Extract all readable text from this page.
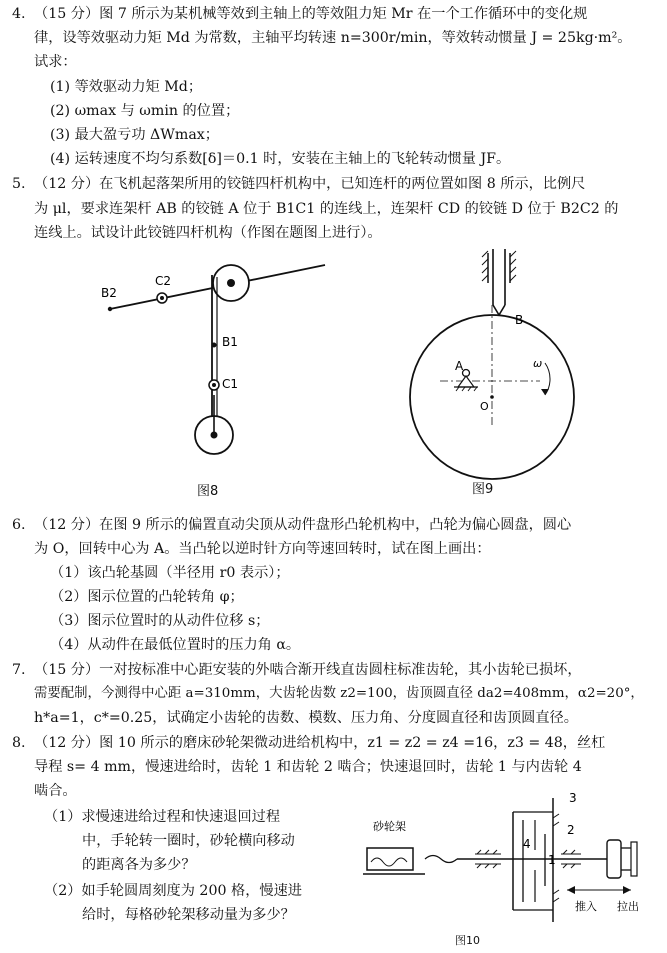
4. （15 分）图 7 所示为某机械等效到主轴上的等效阻力矩 Mr 在一个工作循环中的变化规
律，设等效驱动力矩 Md 为常数，主轴平均转速 n=300r/min，等效转动惯量 J = 25kg·m²。
试求：
(1) 等效驱动力矩 Md；
(2) ωmax 与 ωmin 的位置；
(3) 最大盈亏功 ΔWmax；
(4) 运转速度不均匀系数[δ]＝0.1 时，安装在主轴上的飞轮转动惯量 JF。
5. （12 分）在飞机起落架所用的铰链四杆机构中，已知连杆的两位置如图 8 所示，比例尺
为 μl，要求连架杆 AB 的铰链 A 位于 B1C1 的连线上，连架杆 CD 的铰链 D 位于 B2C2 的
连线上。试设计此铰链四杆机构（作图在题图上进行）。
B2
C2
B1
C1
图8
B
A
O
ω
图9
6. （12 分）在图 9 所示的偏置直动尖顶从动件盘形凸轮机构中，凸轮为偏心圆盘，圆心
为 O，回转中心为 A。当凸轮以逆时针方向等速回转时，试在图上画出：
（1）该凸轮基圆（半径用 r0 表示）；
（2）图示位置的凸轮转角 φ；
（3）图示位置时的从动件位移 s；
（4）从动件在最低位置时的压力角 α。
7. （15 分）一对按标准中心距安装的外啮合渐开线直齿圆柱标准齿轮，其小齿轮已损坏，
需要配制，今测得中心距 a=310mm，大齿轮齿数 z2=100，齿顶圆直径 da2=408mm，α2=20°，
h*a=1，c*=0.25，试确定小齿轮的齿数、模数、压力角、分度圆直径和齿顶圆直径。
8. （12 分）图 10 所示的磨床砂轮架微动进给机构中，z1 = z2 = z4 =16，z3 = 48，丝杠
导程 s= 4 mm，慢速进给时，齿轮 1 和齿轮 2 啮合；快速退回时，齿轮 1 与内齿轮 4
啮合。
（1）求慢速进给过程和快速退回过程
中，手轮转一圈时，砂轮横向移动
的距离各为多少？
（2）如手轮圆周刻度为 200 格，慢速进
给时，每格砂轮架移动量为多少？
砂轮架
1
2
3
4
推入 拉出
图10
